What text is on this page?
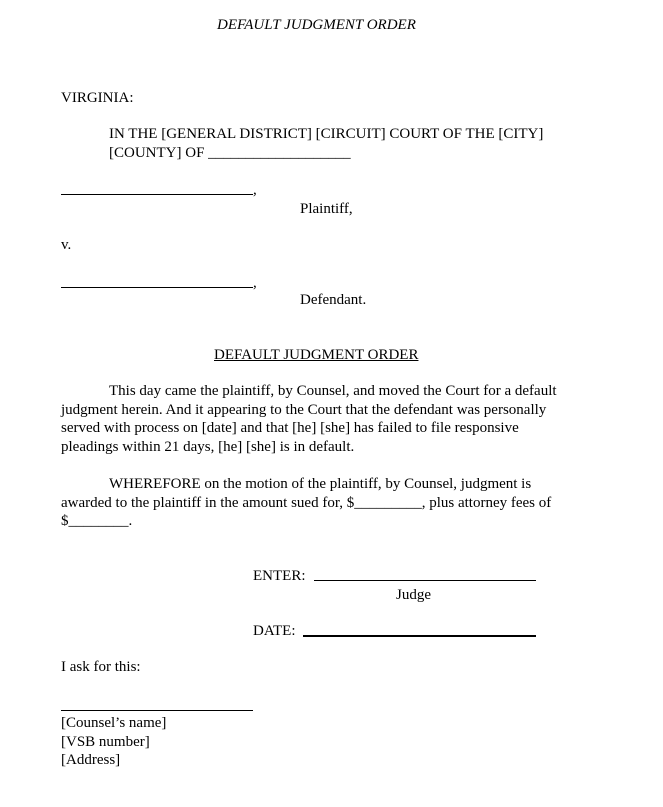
DEFAULT JUDGMENT ORDER
VIRGINIA:
IN THE [GENERAL DISTRICT] [CIRCUIT] COURT OF THE [CITY]
[COUNTY] OF ___________________
,
Plaintiff,
v.
,
Defendant.
DEFAULT JUDGMENT ORDER
This day came the plaintiff, by Counsel, and moved the Court for a default
judgment herein. And it appearing to the Court that the defendant was personally
served with process on [date] and that [he] [she] has failed to file responsive
pleadings within 21 days, [he] [she] is in default.
WHEREFORE on the motion of the plaintiff, by Counsel, judgment is
awarded to the plaintiff in the amount sued for, $_________, plus attorney fees of
$________.
ENTER:
Judge
DATE:
I ask for this:
[Counsel’s name]
[VSB number]
[Address]
